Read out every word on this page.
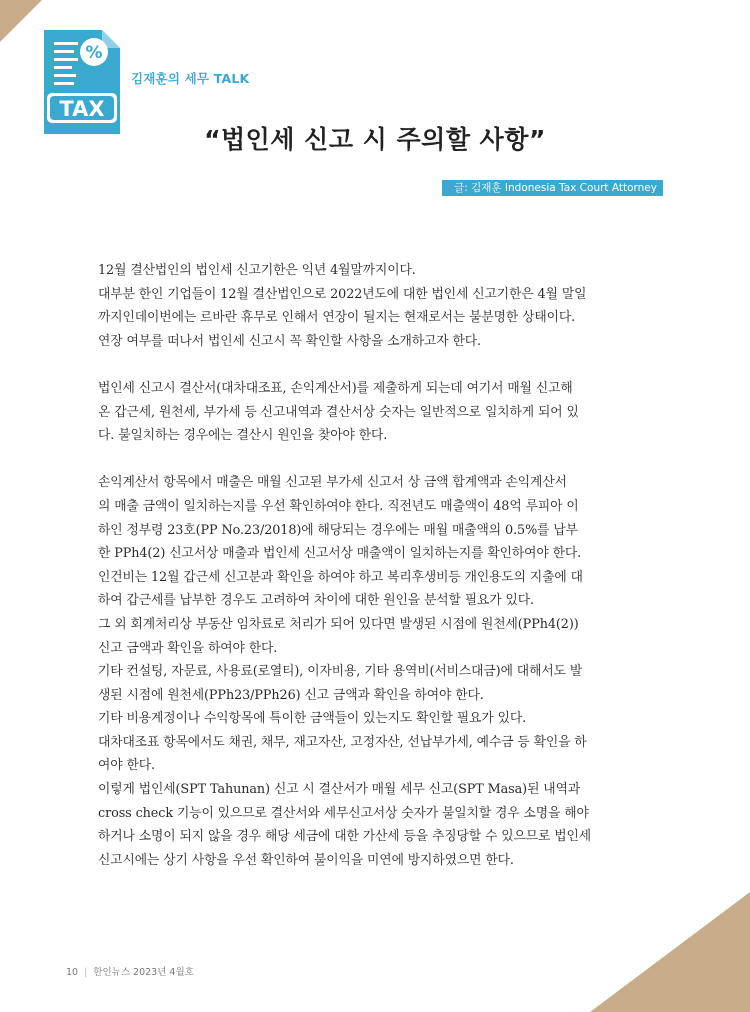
%
TAX
김재훈의 세무 TALK
“법인세 신고 시 주의할 사항”
글: 김재훈 Indonesia Tax Court Attorney
12월 결산법인의 법인세 신고기한은 익년 4월말까지이다.
대부분 한인 기업들이 12월 결산법인으로 2022년도에 대한 법인세 신고기한은 4월 말일
까지인데이번에는 르바란 휴무로 인해서 연장이 될지는 현재로서는 불분명한 상태이다.
연장 여부를 떠나서 법인세 신고시 꼭 확인할 사항을 소개하고자 한다.
법인세 신고시 결산서(대차대조표, 손익계산서)를 제출하게 되는데 여기서 매월 신고해
온 갑근세, 원천세, 부가세 등 신고내역과 결산서상 숫자는 일반적으로 일치하게 되어 있
다. 불일치하는 경우에는 결산시 원인을 찾아야 한다.
손익계산서 항목에서 매출은 매월 신고된 부가세 신고서 상 금액 합계액과 손익계산서
의 매출 금액이 일치하는지를 우선 확인하여야 한다. 직전년도 매출액이 48억 루피아 이
하인 정부령 23호(PP No.23/2018)에 해당되는 경우에는 매월 매출액의 0.5%를 납부
한 PPh4(2) 신고서상 매출과 법인세 신고서상 매출액이 일치하는지를 확인하여야 한다.
인건비는 12월 갑근세 신고분과 확인을 하여야 하고 복리후생비등 개인용도의 지출에 대
하여 갑근세를 납부한 경우도 고려하여 차이에 대한 원인을 분석할 필요가 있다.
그 외 회계처리상 부동산 임차료로 처리가 되어 있다면 발생된 시점에 원천세(PPh4(2))
신고 금액과 확인을 하여야 한다.
기타 컨설팅, 자문료, 사용료(로열티), 이자비용, 기타 용역비(서비스대금)에 대해서도 발
생된 시점에 원천세(PPh23/PPh26) 신고 금액과 확인을 하여야 한다.
기타 비용계정이나 수익항목에 특이한 금액들이 있는지도 확인할 필요가 있다.
대차대조표 항목에서도 채권, 채무, 재고자산, 고정자산, 선납부가세, 예수금 등 확인을 하
여야 한다.
이렇게 법인세(SPT Tahunan) 신고 시 결산서가 매월 세무 신고(SPT Masa)된 내역과
cross check 기능이 있으므로 결산서와 세무신고서상 숫자가 불일치할 경우 소명을 해야
하거나 소명이 되지 않을 경우 해당 세금에 대한 가산세 등을 추징당할 수 있으므로 법인세
신고시에는 상기 사항을 우선 확인하여 불이익을 미연에 방지하였으면 한다.
10 | 한인뉴스 2023년 4월호
